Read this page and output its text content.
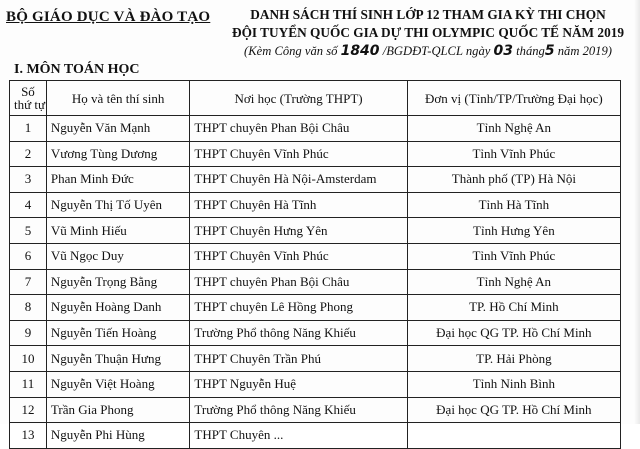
BỘ GIÁO DỤC VÀ ĐÀO TẠO	DANH SÁCH THÍ SINH LỚP 12 THAM GIA KỲ THI CHỌN
ĐỘI TUYỂN QUỐC GIA DỰ THI OLYMPIC QUỐC TẾ NĂM 2019
(Kèm Công văn số 1840 /BGDĐT-QLCL ngày 03 tháng5 năm 2019)
I. MÔN TOÁN HỌC
Số
thứ tự	Họ và tên thí sinh	Nơi học (Trường THPT)	Đơn vị (Tỉnh/TP/Trường Đại học)
1	Nguyễn Văn Mạnh	THPT chuyên Phan Bội Châu	Tỉnh Nghệ An
2	Vương Tùng Dương	THPT Chuyên Vĩnh Phúc	Tỉnh Vĩnh Phúc
3	Phan Minh Đức	THPT Chuyên Hà Nội-Amsterdam	Thành phố (TP) Hà Nội
4	Nguyễn Thị Tố Uyên	THPT Chuyên Hà Tĩnh	Tỉnh Hà Tĩnh
5	Vũ Minh Hiếu	THPT Chuyên Hưng Yên	Tỉnh Hưng Yên
6	Vũ Ngọc Duy	THPT Chuyên Vĩnh Phúc	Tỉnh Vĩnh Phúc
7	Nguyễn Trọng Bằng	THPT chuyên Phan Bội Châu	Tỉnh Nghệ An
8	Nguyễn Hoàng Danh	THPT chuyên Lê Hồng Phong	TP. Hồ Chí Minh
9	Nguyễn Tiến Hoàng	Trường Phổ thông Năng Khiếu	Đại học QG TP. Hồ Chí Minh
10	Nguyễn Thuận Hưng	THPT Chuyên Trần Phú	TP. Hải Phòng
11	Nguyễn Việt Hoàng	THPT Nguyễn Huệ	Tỉnh Ninh Bình
12	Trần Gia Phong	Trường Phổ thông Năng Khiếu	Đại học QG TP. Hồ Chí Minh
13	Nguyễn Phi Hùng	THPT Chuyên ...	
